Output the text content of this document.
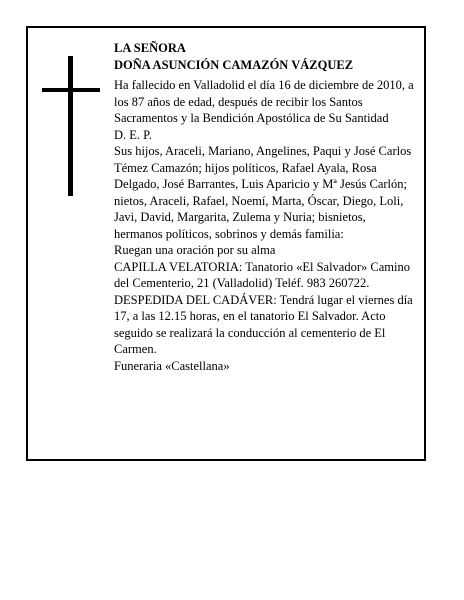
LA SEÑORA

DOÑA ASUNCIÓN CAMAZÓN VÁZQUEZ

Ha fallecido en Valladolid el día 16 de diciembre de 2010, a los 87 años de edad, después de recibir los Santos Sacramentos y la Bendición Apostólica de Su Santidad

D. E. P.

Sus hijos, Araceli, Mariano, Angelines, Paqui y José Carlos Témez Camazón; hijos políticos, Rafael Ayala, Rosa Delgado, José Barrantes, Luis Aparicio y Mª Jesús Carlón; nietos, Araceli, Rafael, Noemí, Marta, Óscar, Diego, Loli, Javi, David, Margarita, Zulema y Nuria; bisnietos, hermanos políticos, sobrinos y demás familia:

Ruegan una oración por su alma

CAPILLA VELATORIA: Tanatorio «El Salvador» Camino del Cementerio, 21 (Valladolid) Teléf. 983 260722.

DESPEDIDA DEL CADÁVER: Tendrá lugar el viernes día 17, a las 12.15 horas, en el tanatorio El Salvador. Acto seguido se realizará la conducción al cementerio de El Carmen.

Funeraria «Castellana»
